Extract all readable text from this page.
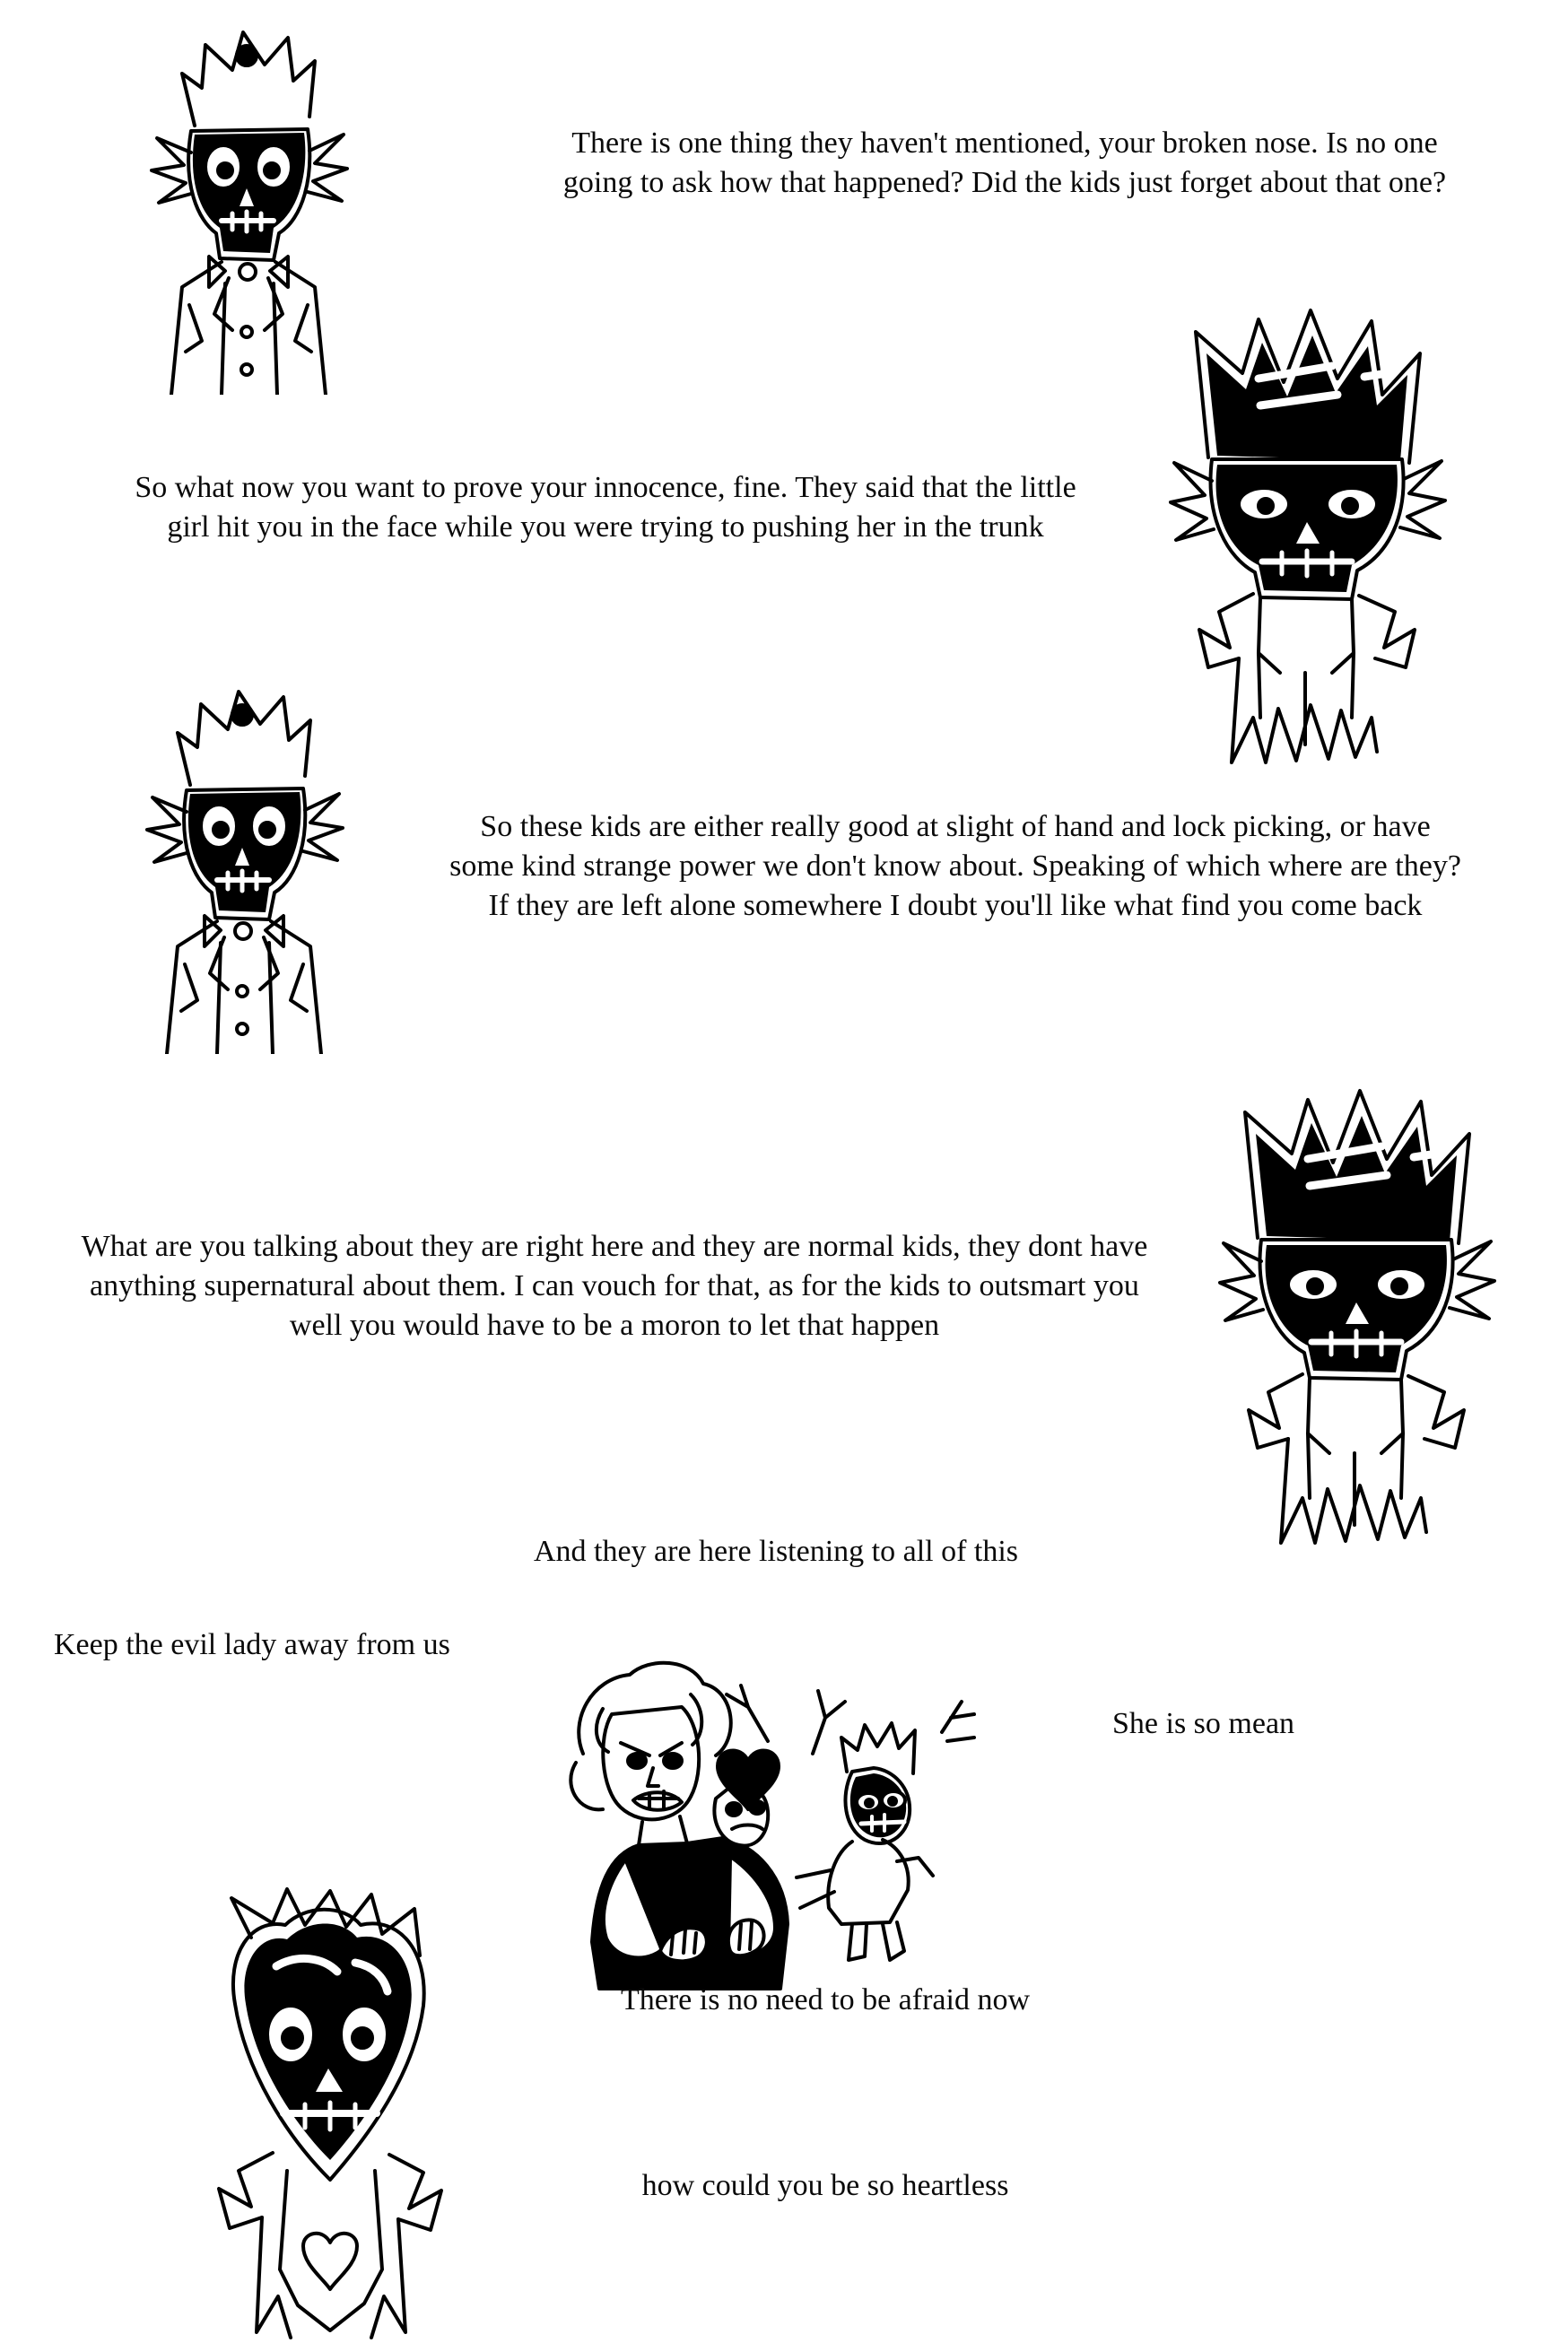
There is one thing they haven't mentioned, your broken nose. Is no one going to ask how that happened? Did the kids just forget about that one?
So what now you want to prove your innocence, fine. They said that the little girl hit you in the face while you were trying to pushing her in the trunk
So these kids are either really good at slight of hand and lock picking, or have some kind strange power we don't know about. Speaking of which where are they? If they are left alone somewhere I doubt you'll like what find you come back
What are you talking about they are right here and they are normal kids, they dont have anything supernatural about them. I can vouch for that, as for the kids to outsmart you well you would have to be a moron to let that happen
And they are here listening to all of this
Keep the evil lady away from us
She is so mean
There is no need to be afraid now
how could you be so heartless
